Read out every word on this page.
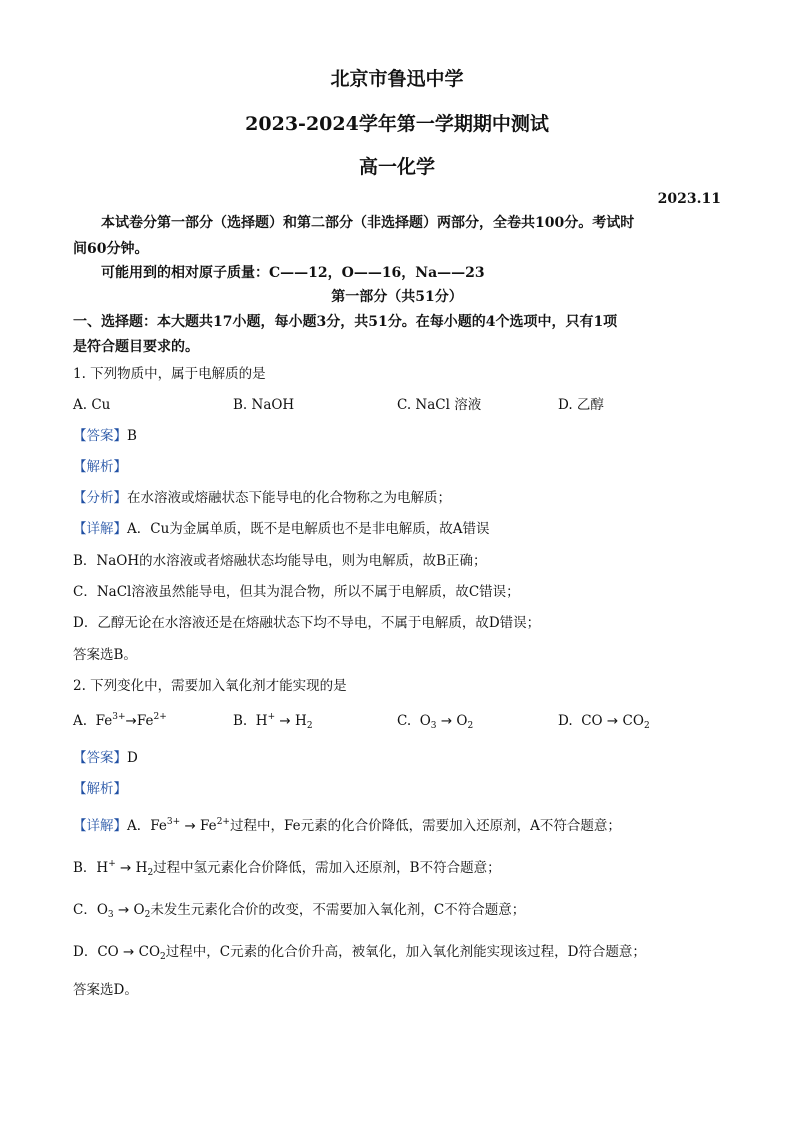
北京市鲁迅中学
2023-2024学年第一学期期中测试
高一化学
2023.11
本试卷分第一部分（选择题）和第二部分（非选择题）两部分，全卷共100分。考试时
间60分钟。
可能用到的相对原子质量：C——12，O——16，Na——23
第一部分（共51分）
一、选择题：本大题共17小题，每小题3分，共51分。在每小题的4个选项中，只有1项
是符合题目要求的。
1. 下列物质中，属于电解质的是
A. Cu	B. NaOH	C. NaCl 溶液	D. 乙醇
【答案】B
【解析】
【分析】在水溶液或熔融状态下能导电的化合物称之为电解质；
【详解】A．Cu为金属单质，既不是电解质也不是非电解质，故A错误
B．NaOH的水溶液或者熔融状态均能导电，则为电解质，故B正确；
C．NaCl溶液虽然能导电，但其为混合物，所以不属于电解质，故C错误；
D．乙醇无论在水溶液还是在熔融状态下均不导电，不属于电解质，故D错误；
答案选B。
2. 下列变化中，需要加入氧化剂才能实现的是
A.  $Fe^{3+}\to Fe^{2+}$	B.  $H^+ \to H_2$	C.  $O_3 \to O_2$	D.  CO → $CO_2$
【答案】D
【解析】
【详解】A．$Fe^{3+} \to Fe^{2+}$过程中，Fe元素的化合价降低，需要加入还原剂，A不符合题意；
B．$H^+ \to H_2$过程中氢元素化合价降低，需加入还原剂，B不符合题意；
C．$O_3 \to O_2$未发生元素化合价的改变，不需要加入氧化剂，C不符合题意；
D．CO → $CO_2$过程中，C元素的化合价升高，被氧化，加入氧化剂能实现该过程，D符合题意；
答案选D。
